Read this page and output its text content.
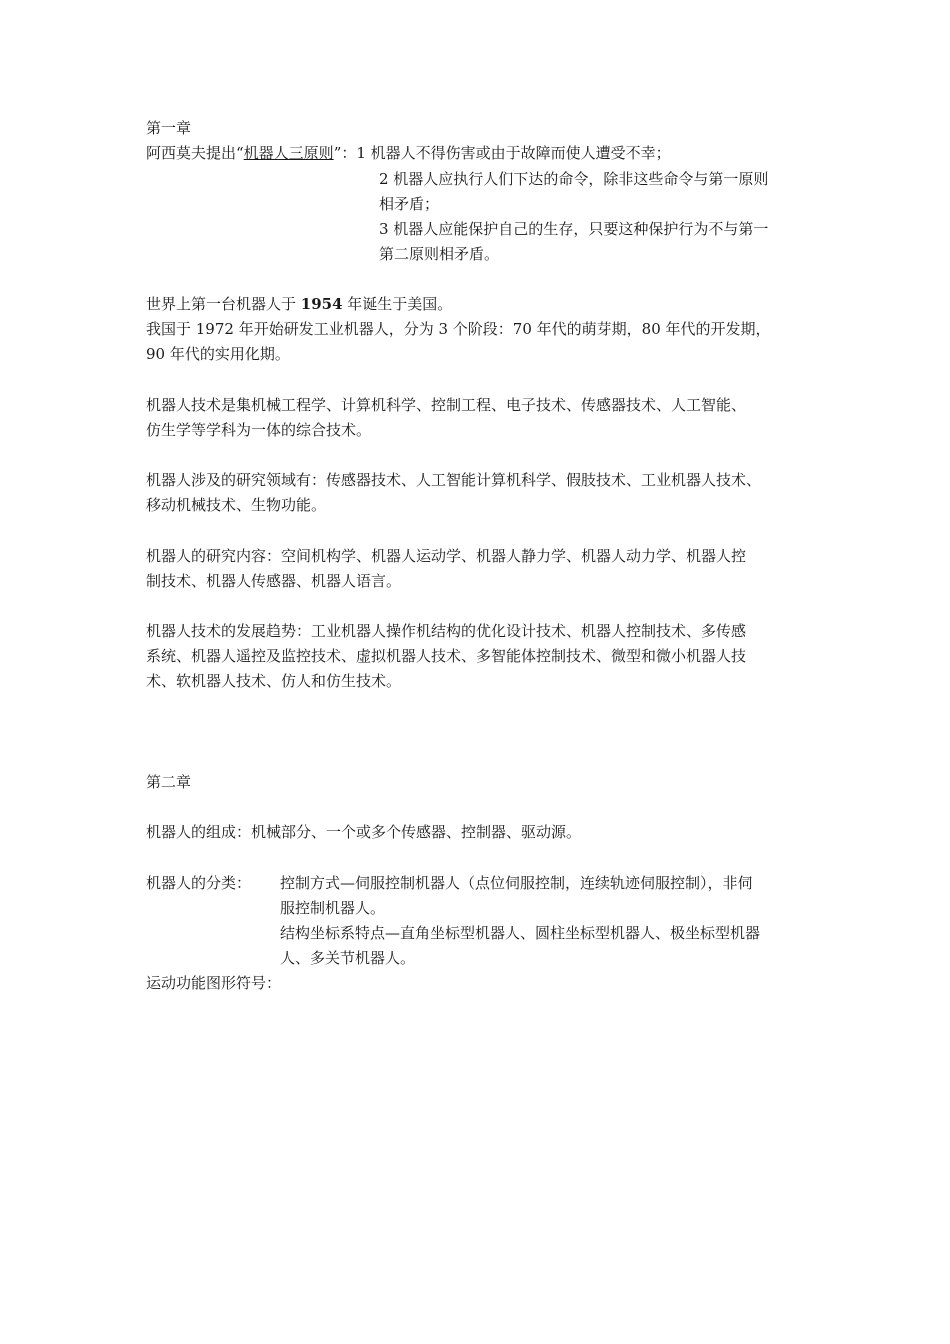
第一章
阿西莫夫提出“机器人三原则”：1 机器人不得伤害或由于故障而使人遭受不幸；
2 机器人应执行人们下达的命令，除非这些命令与第一原则
相矛盾；
3 机器人应能保护自己的生存，只要这种保护行为不与第一
第二原则相矛盾。
世界上第一台机器人于 1954 年诞生于美国。
我国于 1972 年开始研发工业机器人，分为 3 个阶段：70 年代的萌芽期，80 年代的开发期，
90 年代的实用化期。
机器人技术是集机械工程学、计算机科学、控制工程、电子技术、传感器技术、人工智能、
仿生学等学科为一体的综合技术。
机器人涉及的研究领域有：传感器技术、人工智能计算机科学、假肢技术、工业机器人技术、
移动机械技术、生物功能。
机器人的研究内容：空间机构学、机器人运动学、机器人静力学、机器人动力学、机器人控
制技术、机器人传感器、机器人语言。
机器人技术的发展趋势：工业机器人操作机结构的优化设计技术、机器人控制技术、多传感
系统、机器人遥控及监控技术、虚拟机器人技术、多智能体控制技术、微型和微小机器人技
术、软机器人技术、仿人和仿生技术。
第二章
机器人的组成：机械部分、一个或多个传感器、控制器、驱动源。
机器人的分类：	控制方式—伺服控制机器人（点位伺服控制，连续轨迹伺服控制），非伺
服控制机器人。
结构坐标系特点—直角坐标型机器人、圆柱坐标型机器人、极坐标型机器
人、多关节机器人。
运动功能图形符号：
